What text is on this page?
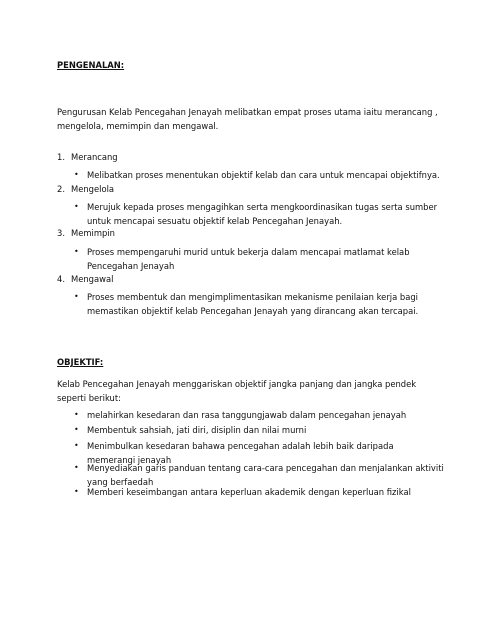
PENGENALAN:
Pengurusan Kelab Pencegahan Jenayah melibatkan empat proses utama iaitu merancang , mengelola, memimpin dan mengawal.
1. Merancang
• Melibatkan proses menentukan objektif kelab dan cara untuk mencapai objektifnya.
2. Mengelola
• Merujuk kepada proses mengagihkan serta mengkoordinasikan tugas serta sumber untuk mencapai sesuatu objektif kelab Pencegahan Jenayah.
3. Memimpin
• Proses mempengaruhi murid untuk bekerja dalam mencapai matlamat kelab Pencegahan Jenayah
4. Mengawal
• Proses membentuk dan mengimplimentasikan mekanisme penilaian kerja bagi memastikan objektif kelab Pencegahan Jenayah yang dirancang akan tercapai.
OBJEKTIF:
Kelab Pencegahan Jenayah menggariskan objektif jangka panjang dan jangka pendek seperti berikut:
• melahirkan kesedaran dan rasa tanggungjawab dalam pencegahan jenayah
• Membentuk sahsiah, jati diri, disiplin dan nilai murni
• Menimbulkan kesedaran bahawa pencegahan adalah lebih baik daripada memerangi jenayah
• Menyediakan garis panduan tentang cara-cara pencegahan dan menjalankan aktiviti yang berfaedah
• Memberi keseimbangan antara keperluan akademik dengan keperluan fizikal
